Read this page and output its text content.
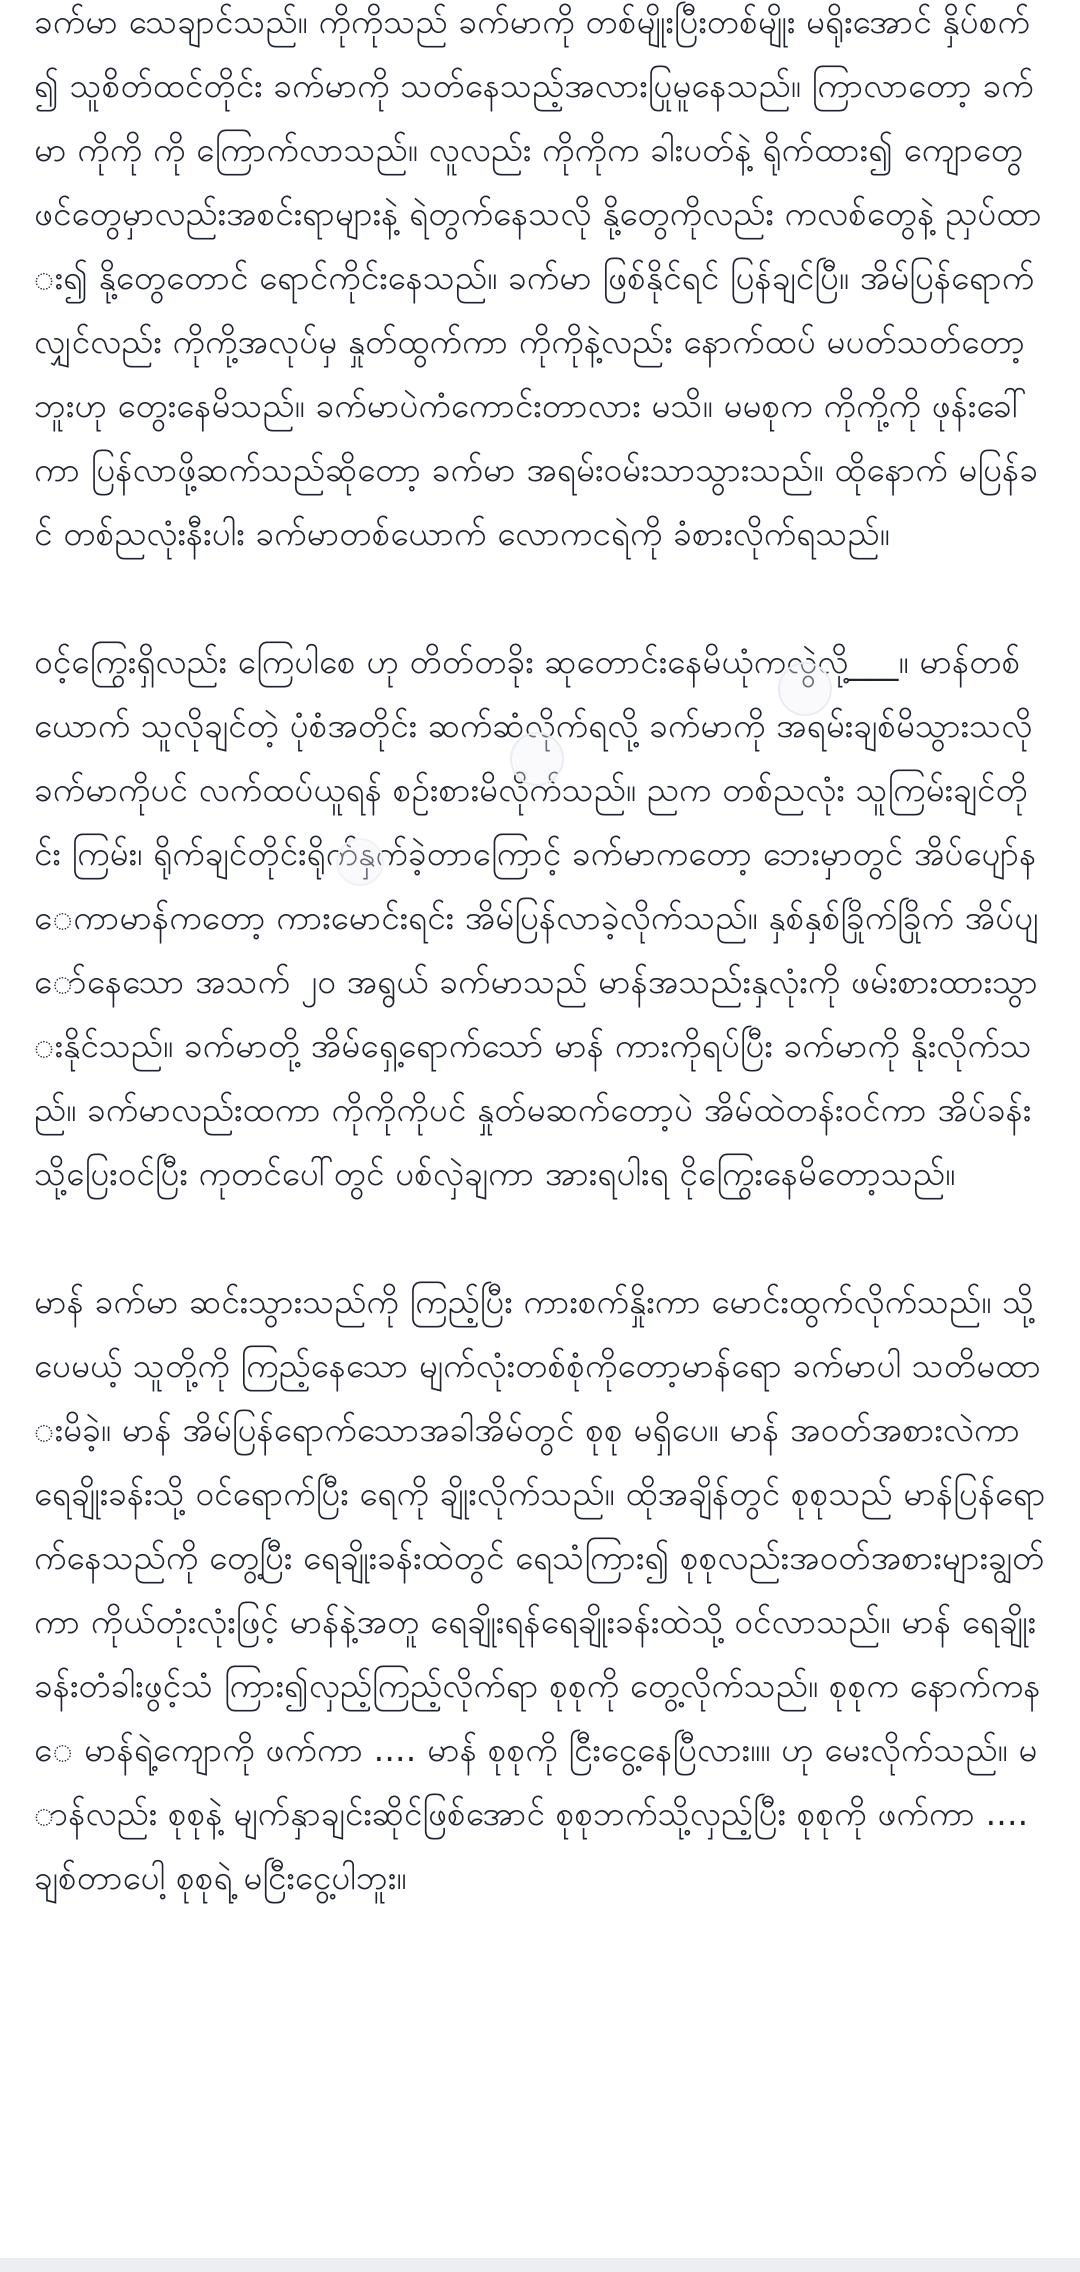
ခက်မာ သေချာင်သည်။ ကိုကိုသည် ခက်မာကို တစ်မျိုးပြီးတစ်မျိုး မရိုးအောင် နှိပ်စက်၍ သူစိတ်ထင်တိုင်း ခက်မာကို သတ်နေသည့်အလားပြုမူနေသည်။ ကြာလာတော့ ခက်မာ ကိုကို ကို ကြောက်လာသည်။ လူလည်း ကိုကိုက ခါးပတ်နဲ့ ရိုက်ထား၍ ကျောတွေ ဖင်တွေမှာလည်းအစင်းရာများနဲ့ ရဲတွက်နေသလို နို့တွေကိုလည်း ကလစ်တွေနဲ့ ညှပ်ထား၍ နို့တွေတောင် ရောင်ကိုင်းနေသည်။ ခက်မာ ဖြစ်နိုင်ရင် ပြန်ချင်ပြီ။ အိမ်ပြန်ရောက်လျှင်လည်း ကိုကို့အလုပ်မှ နှုတ်ထွက်ကာ ကိုကိုနဲ့လည်း နောက်ထပ် မပတ်သတ်တော့ဘူးဟု တွေးနေမိသည်။ ခက်မာပဲကံကောင်းတာလား မသိ။ မမစုက ကိုကို့ကို ဖုန်းခေါ်ကာ ပြန်လာဖို့ဆက်သည်ဆိုတော့ ခက်မာ အရမ်းဝမ်းသာသွားသည်။ ထိုနောက် မပြန်ခင် တစ်ညလုံးနီးပါး ခက်မာတစ်ယောက် လောကငရဲကို ခံစားလိုက်ရသည်။

ဝင့်ကြွေးရှိလည်း ကြေပါစေ ဟု တိတ်တခိုး ဆုတောင်းနေမိယုံကလွဲလို့___။ မာန်တစ်ယောက် သူလိုချင်တဲ့ ပုံစံအတိုင်း ဆက်ဆံလိုက်ရလို့ ခက်မာကို အရမ်းချစ်မိသွားသလို ခက်မာကိုပင် လက်ထပ်ယူရန် စဉ်းစားမိလိုက်သည်။ ညက တစ်ညလုံး သူကြမ်းချင်တိုင်း ကြမ်း၊ ရိုက်ချင်တိုင်းရိုက်နှက်ခဲ့တာကြောင့် ခက်မာကတော့ ဘေးမှာတွင် အိပ်ပျော်နေကာမာန်ကတော့ ကားမောင်းရင်း အိမ်ပြန်လာခဲ့လိုက်သည်။ နှစ်နှစ်ခြိုက်ခြိုက် အိပ်ပျော်နေသော အသက် ၂၀ အရွယ် ခက်မာသည် မာန်အသည်းနှလုံးကို ဖမ်းစားထားသွားနိုင်သည်။ ခက်မာတို့ အိမ်ရှေ့ရောက်သော် မာန် ကားကိုရပ်ပြီး ခက်မာကို နိုးလိုက်သည်။ ခက်မာလည်းထကာ ကိုကိုကိုပင် နှုတ်မဆက်တော့ပဲ အိမ်ထဲတန်းဝင်ကာ အိပ်ခန်းသို့ပြေးဝင်ပြီး ကုတင်ပေါ်တွင် ပစ်လှဲချကာ အားရပါးရ ငိုကြွေးနေမိတော့သည်။

မာန် ခက်မာ ဆင်းသွားသည်ကို ကြည့်ပြီး ကားစက်နှိုးကာ မောင်းထွက်လိုက်သည်။ သို့ပေမယ့် သူတို့ကို ကြည့်နေသော မျက်လုံးတစ်စုံကိုတော့မာန်ရော ခက်မာပါ သတိမထားမိခဲ့။ မာန် အိမ်ပြန်ရောက်သောအခါအိမ်တွင် စုစု မရှိပေ။ မာန် အဝတ်အစားလဲကာ ရေချိုးခန်းသို့ ဝင်ရောက်ပြီး ရေကို ချိုးလိုက်သည်။ ထိုအချိန်တွင် စုစုသည် မာန်ပြန်ရောက်နေသည်ကို တွေ့ပြီး ရေချိုးခန်းထဲတွင် ရေသံကြား၍ စုစုလည်းအဝတ်အစားများချွတ်ကာ ကိုယ်တုံးလုံးဖြင့် မာန်နဲ့အတူ ရေချိုးရန်ရေချိုးခန်းထဲသို့ ဝင်လာသည်။ မာန် ရေချိုးခန်းတံခါးဖွင့်သံ ကြား၍လှည့်ကြည့်လိုက်ရာ စုစုကို တွေ့လိုက်သည်။ စုစုက နောက်ကနေ မာန်ရဲ့ကျောကို ဖက်ကာ .... မာန် စုစုကို ငြီးငွေ့နေပြီလား။။ ဟု မေးလိုက်သည်။ မာန်လည်း စုစုနဲ့ မျက်နှာချင်းဆိုင်ဖြစ်အောင် စုစုဘက်သို့လှည့်ပြီး စုစုကို ဖက်ကာ .... ချစ်တာပေါ့ စုစုရဲ့ မငြီးငွေ့ပါဘူး။
